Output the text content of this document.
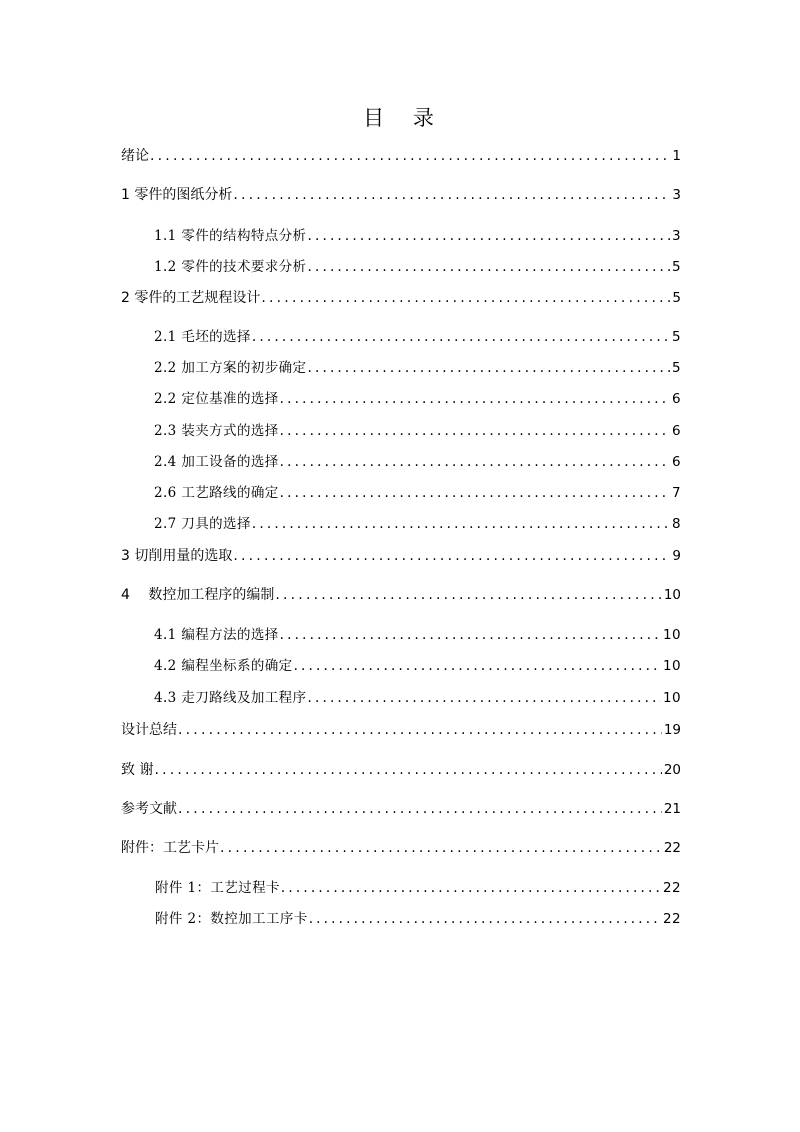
目 录
绪论 .....	1
1 零件的图纸分析 .....	3
1.1 零件的结构特点分析 .....	3
1.2 零件的技术要求分析 .....	5
2 零件的工艺规程设计 .....	5
2.1 毛坯的选择 .....	5
2.2 加工方案的初步确定 .....	5
2.2 定位基准的选择 .....	6
2.3 装夹方式的选择 .....	6
2.4 加工设备的选择 .....	6
2.6 工艺路线的确定 .....	7
2.7 刀具的选择 .....	8
3 切削用量的选取 .....	9
4　 数控加工程序的编制 .....	10
4.1 编程方法的选择 .....	10
4.2 编程坐标系的确定 .....	10
4.3 走刀路线及加工程序 .....	10
设计总结 .....	19
致 谢 .....	20
参考文献 .....	21
附件：工艺卡片 .....	22
附件 1：工艺过程卡 .....	22
附件 2：数控加工工序卡 .....	22
